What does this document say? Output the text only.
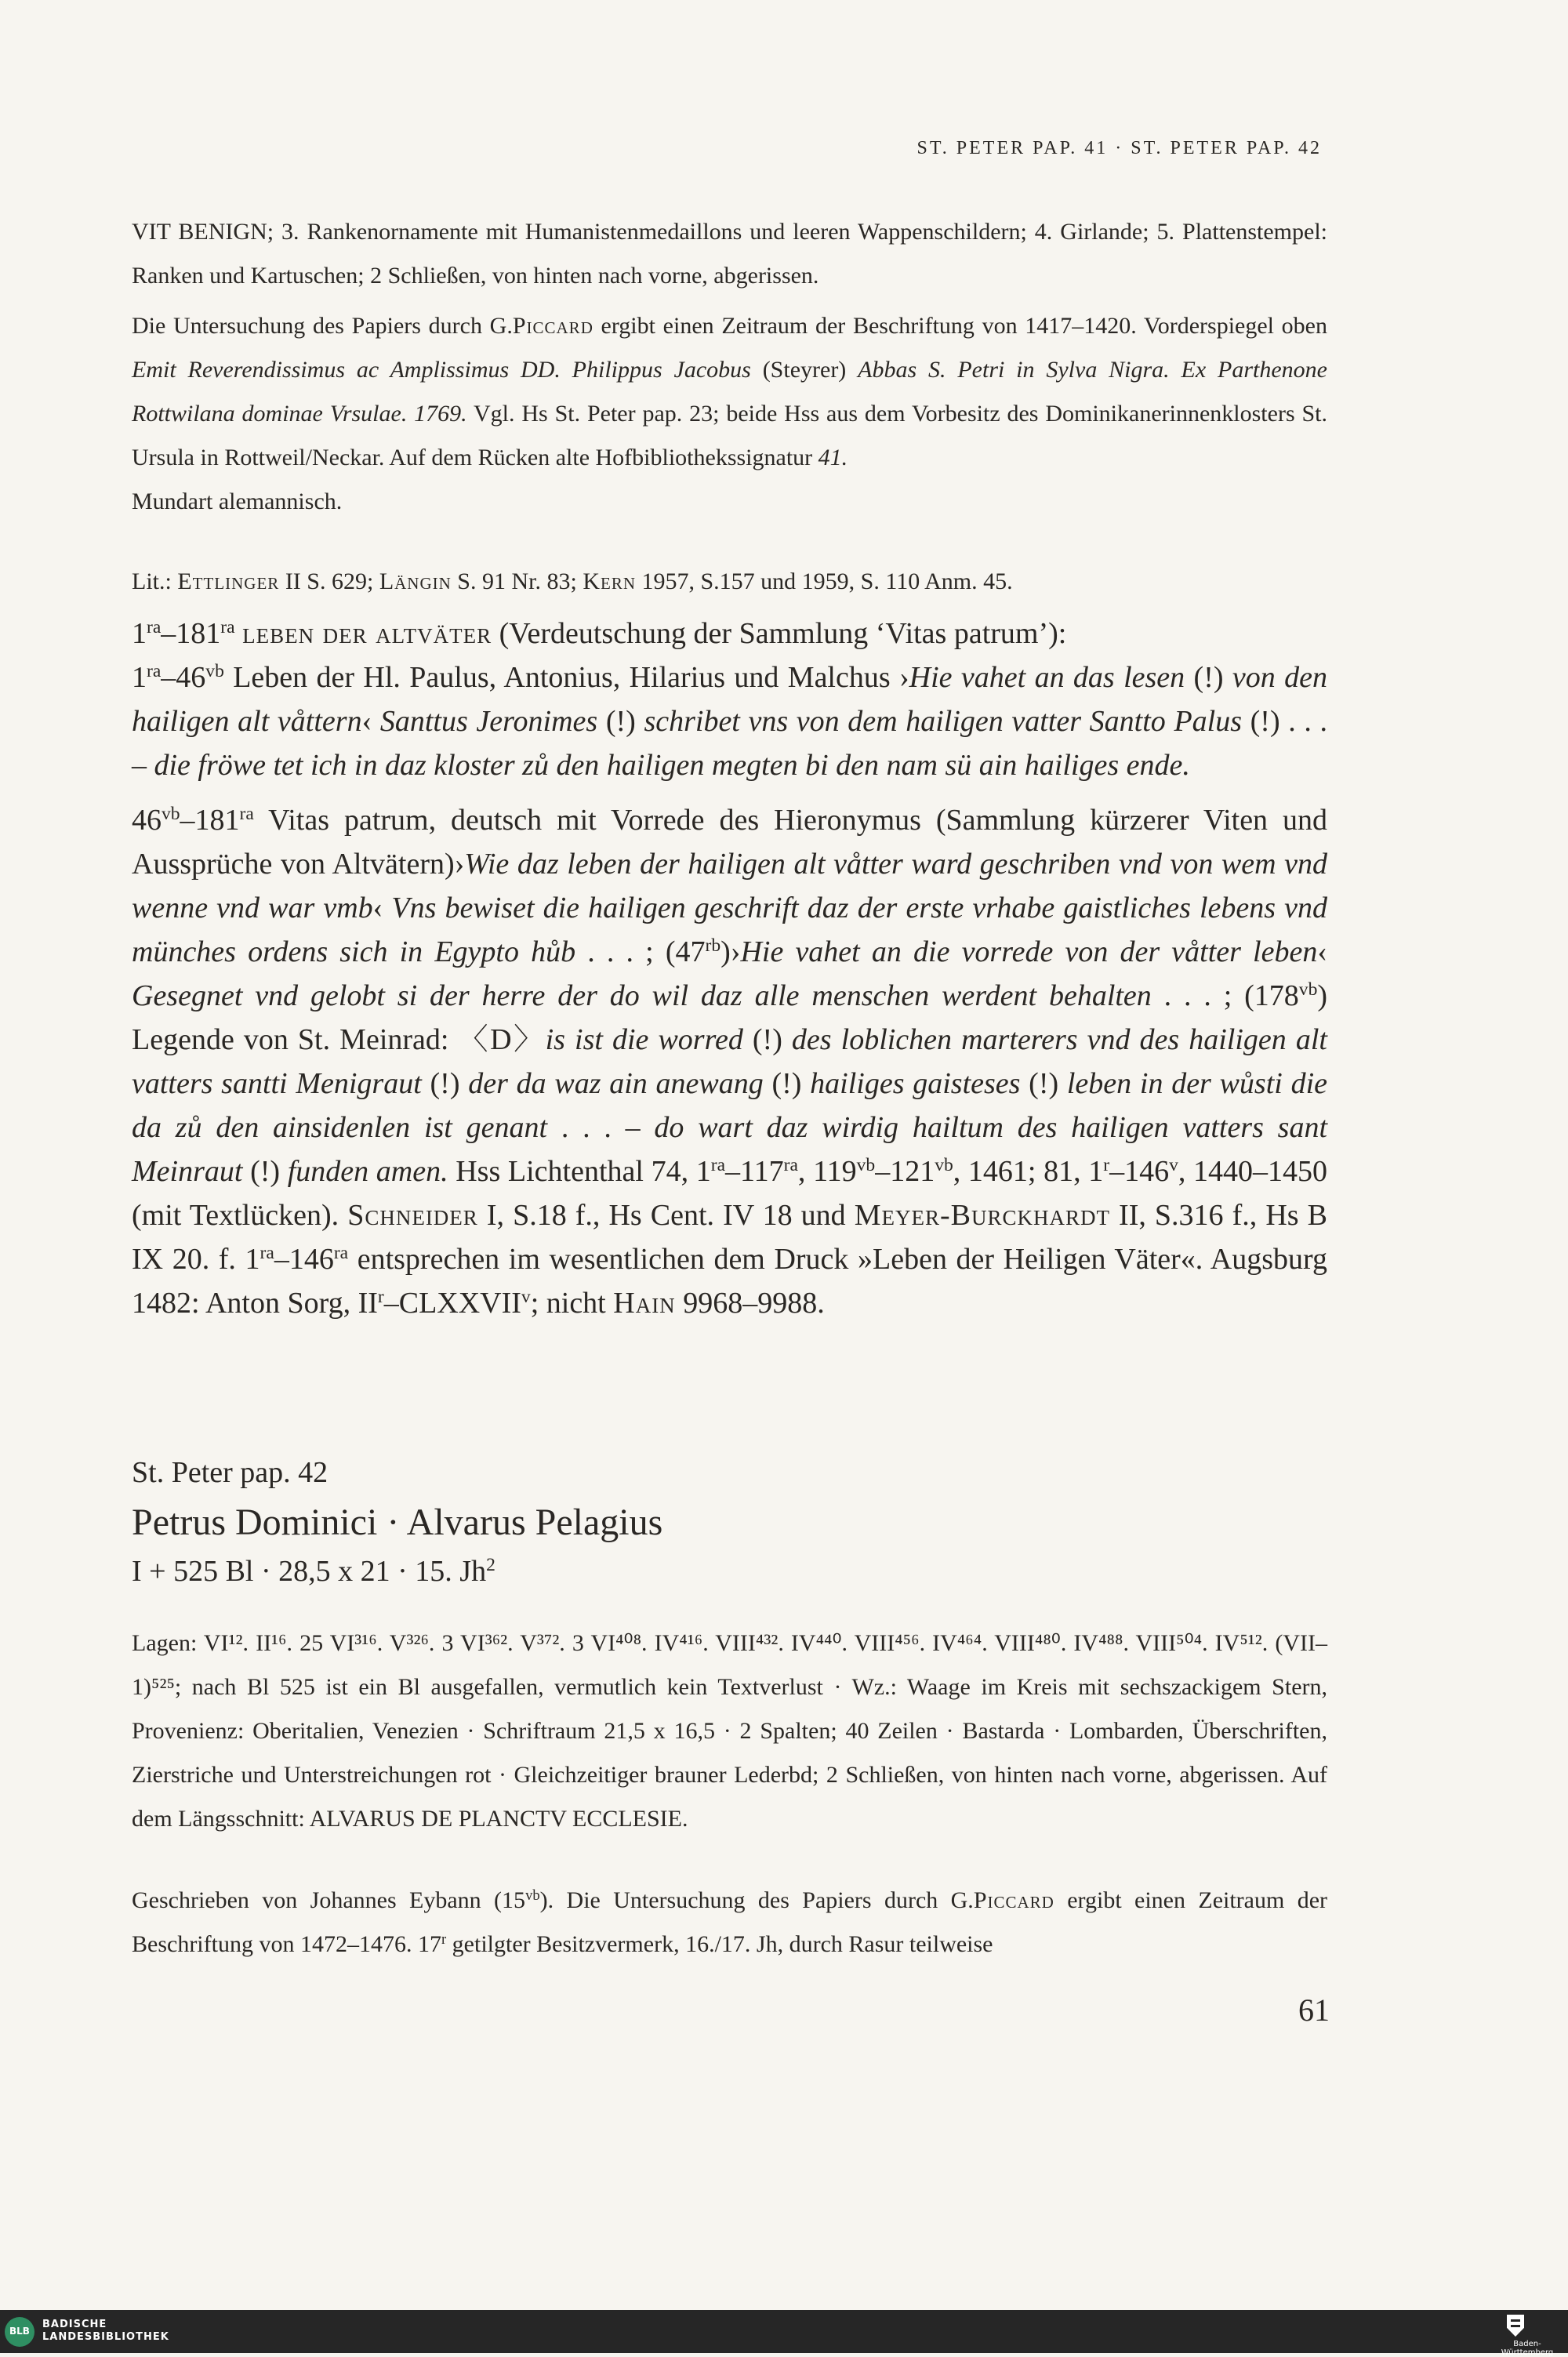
ST. PETER PAP. 41 · ST. PETER PAP. 42

VIT BENIGN; 3. Rankenornamente mit Humanistenmedaillons und leeren Wappenschildern; 4. Girlande; 5. Plattenstempel: Ranken und Kartuschen; 2 Schließen, von hinten nach vorne, abgerissen.

Die Untersuchung des Papiers durch G.Piccard ergibt einen Zeitraum der Beschriftung von 1417–1420. Vorderspiegel oben Emit Reverendissimus ac Amplissimus DD. Philippus Jacobus (Steyrer) Abbas S. Petri in Sylva Nigra. Ex Parthenone Rottwilana dominae Vrsulae. 1769. Vgl. Hs St. Peter pap. 23; beide Hss aus dem Vorbesitz des Dominikanerinnenklosters St. Ursula in Rottweil/Neckar. Auf dem Rücken alte Hofbibliothekssignatur 41.

Mundart alemannisch.

Lit.: Ettlinger II S. 629; Längin S. 91 Nr. 83; Kern 1957, S.157 und 1959, S. 110 Anm. 45.

$1^{ra}-181^{ra}$ leben der altväter (Verdeutschung der Sammlung ‘Vitas patrum’):

$1^{ra}-46^{vb}$ Leben der Hl. Paulus, Antonius, Hilarius und Malchus ›Hie vahet an das lesen (!) von den hailigen alt våttern‹ Santtus Jeronimes (!) schribet vns von dem hailigen vatter Santto Palus (!) . . . – die fröwe tet ich in daz kloster zů den hailigen megten bi den nam sü ain hailiges ende.

$46^{vb}-181^{ra}$ Vitas patrum, deutsch mit Vorrede des Hieronymus (Sammlung kürzerer Viten und Aussprüche von Altvätern)›Wie daz leben der hailigen alt våtter ward geschriben vnd von wem vnd wenne vnd war vmb‹ Vns bewiset die hailigen geschrift daz der erste vrhabe gaistliches lebens vnd münches ordens sich in Egypto hůb . . . ; $(47^{rb})›Hie$ vahet an die vorrede von der våtter leben‹ Gesegnet vnd gelobt si der herre der do wil daz alle menschen werdent behalten . . . ; $(178^{vb})$ Legende von St. Meinrad: 〈D〉is ist die worred (!) des loblichen marterers vnd des hailigen alt vatters santti Menigraut (!) der da waz ain anewang (!) hailiges gaisteses (!) leben in der wůsti die da zů den ainsidenlen ist genant . . . – do wart daz wirdig hailtum des hailigen vatters sant Meinraut (!) funden amen. Hss Lichtenthal 74, $1^{ra}-117^{ra}$, $119^{vb}-121^{vb}$, 1461; 81, 1$^r$–146$^v$, 1440–1450 (mit Textlücken). Schneider I, S.18 f., Hs Cent. IV 18 und Meyer-Burckhardt II, S.316 f., Hs B IX 20. f. $1^{ra}-146^{ra}$ entsprechen im wesentlichen dem Druck »Leben der Heiligen Väter«. Augsburg 1482: Anton Sorg, $II^r-CLXXVII^v$; nicht Hain 9968–9988.

St. Peter pap. 42
Petrus Dominici · Alvarus Pelagius
I + 525 Bl · 28,5 x 21 · 15. Jh$^2$

Lagen: VI¹². II¹⁶. 25 VI³¹⁶. V³²⁶. 3 VI³⁶². V³⁷². 3 VI⁴⁰⁸. IV⁴¹⁶. VIII⁴³². IV⁴⁴⁰. VIII⁴⁵⁶. IV⁴⁶⁴. VIII⁴⁸⁰. IV⁴⁸⁸. VIII⁵⁰⁴. IV⁵¹². (VII–1)⁵²⁵; nach Bl 525 ist ein Bl ausgefallen, vermutlich kein Textverlust · Wz.: Waage im Kreis mit sechszackigem Stern, Provenienz: Oberitalien, Venezien · Schriftraum 21,5 x 16,5 · 2 Spalten; 40 Zeilen · Bastarda · Lombarden, Überschriften, Zierstriche und Unterstreichungen rot · Gleichzeitiger brauner Lederbd; 2 Schließen, von hinten nach vorne, abgerissen. Auf dem Längsschnitt: ALVARUS DE PLANCTV ECCLESIE.

Geschrieben von Johannes Eybann $(15^{vb})$. Die Untersuchung des Papiers durch G.Piccard ergibt einen Zeitraum der Beschriftung von 1472–1476. 17$^r$ getilgter Besitzvermerk, 16./17. Jh, durch Rasur teilweise

61
BLB
BADISCHE
LANDESBIBLIOTHEK
Baden-Württemberg
